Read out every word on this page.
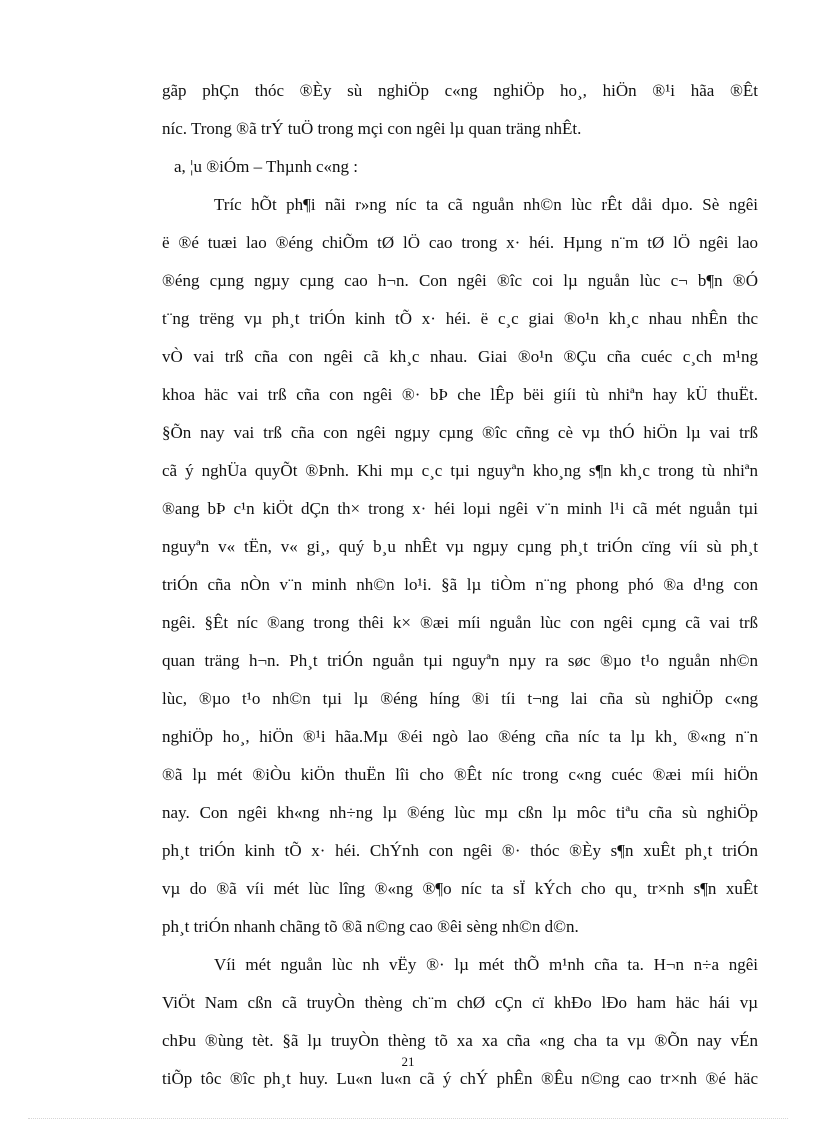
gãp phÇn thóc ®Èy sù nghiÖp c«ng nghiÖp ho¸, hiÖn ®¹i hãa ®Êt
níc. Trong ®ã trÝ tuÖ trong mçi con ngêi lµ quan träng nhÊt.
a, ¦u ®iÓm – Thµnh c«ng :
Tríc hÕt ph¶i nãi r»ng níc ta cã nguån nh©n lùc rÊt dåi dµo. Sè ngêi
ë ®é tuæi lao ®éng chiÕm tØ lÖ cao trong x· héi. Hµng n¨m tØ lÖ ngêi lao
®éng cµng ngµy cµng cao h¬n. Con ngêi ®îc coi lµ nguån lùc c¬ b¶n ®Ó
t¨ng trëng vµ ph¸t triÓn kinh tÕ x· héi. ë c¸c giai ®o¹n kh¸c nhau nhÊn thc
vÒ vai trß cña con ngêi cã kh¸c nhau. Giai ®o¹n ®Çu cña cuéc c¸ch m¹ng
khoa häc vai trß cña con ngêi ®· bÞ che lÊp bëi giíi tù nhiªn hay kÜ thuËt.
§Õn nay vai trß cña con ngêi ngµy cµng ®îc cñng cè vµ thÓ hiÖn lµ vai trß
cã ý nghÜa quyÕt ®Þnh. Khi mµ c¸c tµi nguyªn kho¸ng s¶n kh¸c trong tù nhiªn
®ang bÞ c¹n kiÖt dÇn th× trong x· héi loµi ngêi v¨n minh l¹i cã mét nguån tµi
nguyªn v« tËn, v« gi¸, quý b¸u nhÊt vµ ngµy cµng ph¸t triÓn cïng víi sù ph¸t
triÓn cña nÒn v¨n minh nh©n lo¹i. §ã lµ tiÒm n¨ng phong phó ®a d¹ng con
ngêi. §Êt níc ®ang trong thêi k× ®æi míi nguån lùc con ngêi cµng cã vai trß
quan träng h¬n. Ph¸t triÓn nguån tµi nguyªn nµy ra søc ®µo t¹o nguån nh©n
lùc, ®µo t¹o nh©n tµi lµ ®éng híng ®i tíi t¬ng lai cña sù nghiÖp c«ng
nghiÖp ho¸, hiÖn ®¹i hãa.Mµ ®éi ngò lao ®éng cña níc ta lµ kh¸ ®«ng n¨n
®ã lµ mét ®iÒu kiÖn thuËn lîi cho ®Êt níc trong c«ng cuéc ®æi míi hiÖn
nay. Con ngêi kh«ng nh÷ng lµ ®éng lùc mµ cßn lµ môc tiªu cña sù nghiÖp
ph¸t triÓn kinh tÕ x· héi. ChÝnh con ngêi ®· thóc ®Èy s¶n xuÊt ph¸t triÓn
vµ do ®ã víi mét lùc lîng ®«ng ®¶o níc ta sÏ kÝch cho qu¸ tr×nh s¶n xuÊt
ph¸t triÓn nhanh chãng tõ ®ã n©ng cao ®êi sèng nh©n d©n.
Víi mét nguån lùc nh vËy ®· lµ mét thÕ m¹nh cña ta. H¬n n÷a ngêi
ViÖt Nam cßn cã truyÒn thèng ch¨m chØ cÇn cï khÐo lÐo ham häc hái vµ
chÞu ®ùng tèt. §ã lµ truyÒn thèng tõ xa xa cña «ng cha ta vµ ®Õn nay vÉn
tiÕp tôc ®îc ph¸t huy. Lu«n lu«n cã ý chÝ phÊn ®Êu n©ng cao tr×nh ®é häc
21
